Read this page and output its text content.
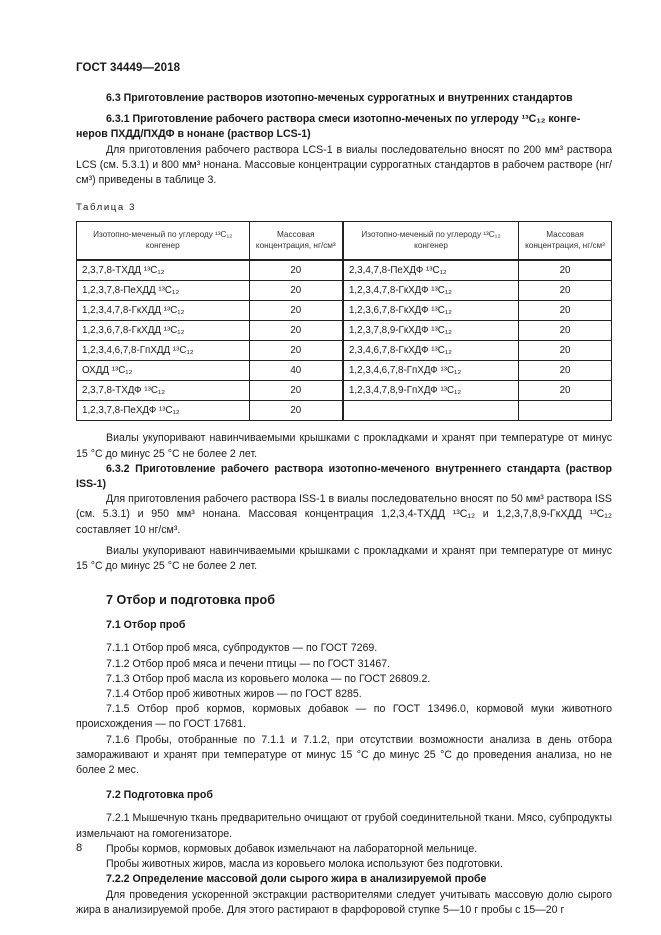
ГОСТ 34449—2018

6.3 Приготовление растворов изотопно-меченых суррогатных и внутренних стандартов

6.3.1 Приготовление рабочего раствора смеси изотопно-меченых по углероду ¹³C₁₂ конге-

неров ПХДД/ПХДФ в нонане (раствор LCS-1)

Для приготовления рабочего раствора LCS-1 в виалы последовательно вносят по 200 мм³ раствора LCS (см. 5.3.1) и 800 мм³ нонана. Массовые концентрации суррогатных стандартов в рабочем растворе (нг/см³) приведены в таблице 3.

Таблица 3
Изотопно-меченый по углероду ¹³C₁₂ конгенер	Массовая концентрация, нг/см³	Изотопно-меченый по углероду ¹³C₁₂ конгенер	Массовая концентрация, нг/см³
2,3,7,8-ТХДД ¹³C₁₂	20	2,3,4,7,8-ПеХДФ ¹³C₁₂	20
1,2,3,7,8-ПеХДД ¹³C₁₂	20	1,2,3,4,7,8-ГкХДФ ¹³C₁₂	20
1,2,3,4,7,8-ГкХДД ¹³C₁₂	20	1,2,3,6,7,8-ГкХДФ ¹³C₁₂	20
1,2,3,6,7,8-ГкХДД ¹³C₁₂	20	1,2,3,7,8,9-ГкХДФ ¹³C₁₂	20
1,2,3,4,6,7,8-ГпХДД ¹³C₁₂	20	2,3,4,6,7,8-ГкХДФ ¹³C₁₂	20
ОХДД ¹³C₁₂	40	1,2,3,4,6,7,8-ГпХДФ ¹³C₁₂	20
2,3,7,8-ТХДФ ¹³C₁₂	20	1,2,3,4,7,8,9-ГпХДФ ¹³C₁₂	20
1,2,3,7,8-ПеХДФ ¹³C₁₂	20		

Виалы укупоривают навинчиваемыми крышками с прокладками и хранят при температуре от минус 15 °С до минус 25 °С не более 2 лет.

6.3.2 Приготовление рабочего раствора изотопно-меченого внутреннего стандарта (раствор ISS-1)

Для приготовления рабочего раствора ISS-1 в виалы последовательно вносят по 50 мм³ раствора ISS (см. 5.3.1) и 950 мм³ нонана. Массовая концентрация 1,2,3,4-ТХДД ¹³C₁₂ и 1,2,3,7,8,9-ГкХДД ¹³C₁₂ составляет 10 нг/см³.

Виалы укупоривают навинчиваемыми крышками с прокладками и хранят при температуре от минус 15 °С до минус 25 °С не более 2 лет.

7 Отбор и подготовка проб

7.1 Отбор проб

7.1.1 Отбор проб мяса, субпродуктов — по ГОСТ 7269.

7.1.2 Отбор проб мяса и печени птицы — по ГОСТ 31467.

7.1.3 Отбор проб масла из коровьего молока — по ГОСТ 26809.2.

7.1.4 Отбор проб животных жиров — по ГОСТ 8285.

7.1.5 Отбор проб кормов, кормовых добавок — по ГОСТ 13496.0, кормовой муки животного происхождения — по ГОСТ 17681.

7.1.6 Пробы, отобранные по 7.1.1 и 7.1.2, при отсутствии возможности анализа в день отбора замораживают и хранят при температуре от минус 15 °С до минус 25 °С до проведения анализа, но не более 2 мес.

7.2 Подготовка проб

7.2.1 Мышечную ткань предварительно очищают от грубой соединительной ткани. Мясо, субпродукты измельчают на гомогенизаторе.

Пробы кормов, кормовых добавок измельчают на лабораторной мельнице.

Пробы животных жиров, масла из коровьего молока используют без подготовки.

7.2.2 Определение массовой доли сырого жира в анализируемой пробе

Для проведения ускоренной экстракции растворителями следует учитывать массовую долю сырого жира в анализируемой пробе. Для этого растирают в фарфоровой ступке 5—10 г пробы с 15—20 г

8
